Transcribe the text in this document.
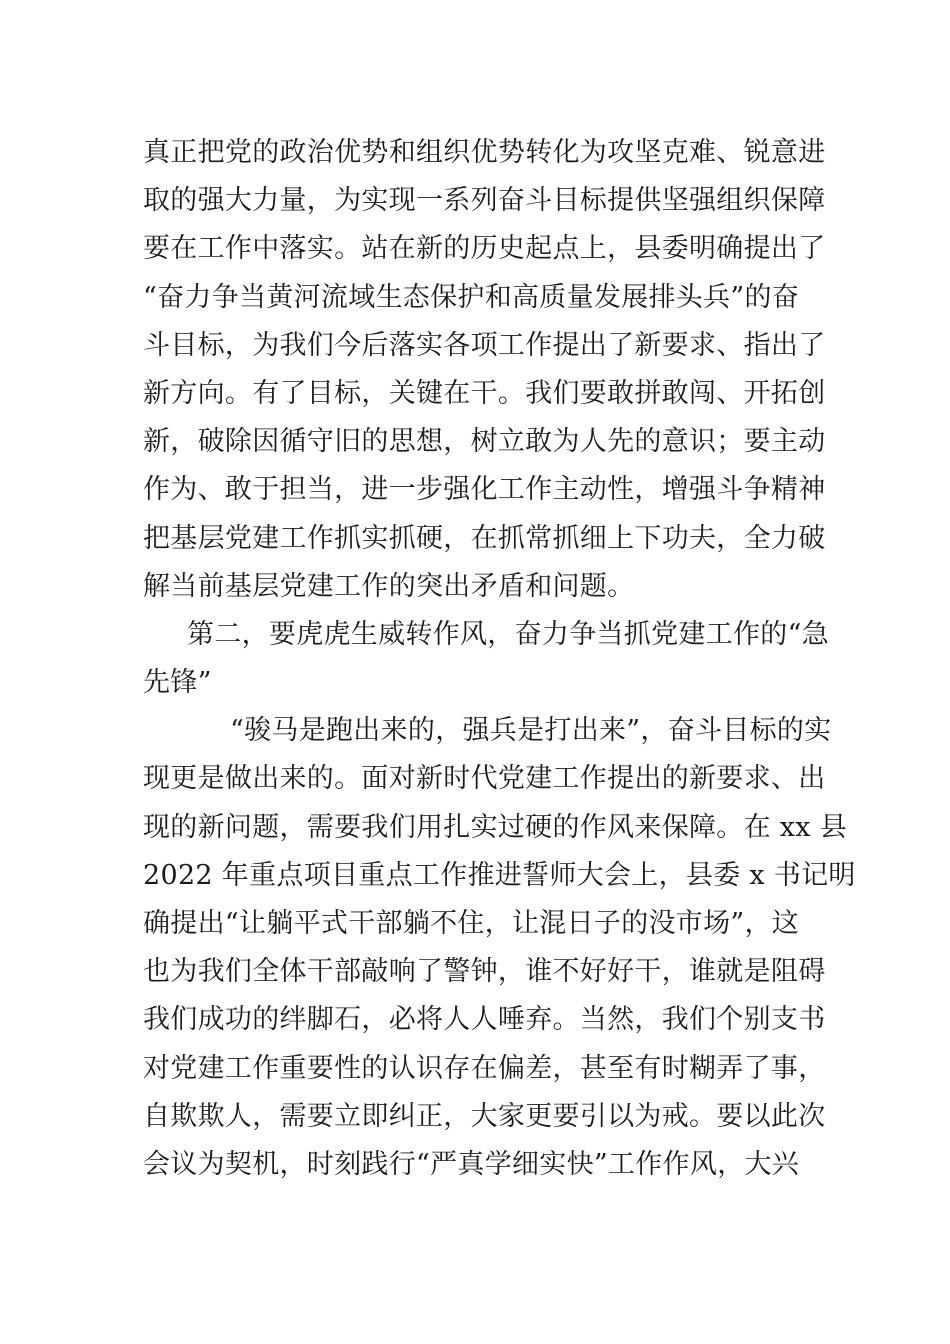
真正把党的政治优势和组织优势转化为攻坚克难、锐意进
取的强大力量，为实现一系列奋斗目标提供坚强组织保障
要在工作中落实。站在新的历史起点上，县委明确提出了
“奋力争当黄河流域生态保护和高质量发展排头兵”的奋
斗目标，为我们今后落实各项工作提出了新要求、指出了
新方向。有了目标，关键在干。我们要敢拼敢闯、开拓创
新，破除因循守旧的思想，树立敢为人先的意识；要主动
作为、敢于担当，进一步强化工作主动性，增强斗争精神
把基层党建工作抓实抓硬，在抓常抓细上下功夫，全力破
解当前基层党建工作的突出矛盾和问题。
第二，要虎虎生威转作风，奋力争当抓党建工作的“急
先锋”
“骏马是跑出来的，强兵是打出来”，奋斗目标的实
现更是做出来的。面对新时代党建工作提出的新要求、出
现的新问题，需要我们用扎实过硬的作风来保障。在 xx 县
2022 年重点项目重点工作推进誓师大会上，县委 x 书记明
确提出“让躺平式干部躺不住，让混日子的没市场”，这
也为我们全体干部敲响了警钟，谁不好好干，谁就是阻碍
我们成功的绊脚石，必将人人唾弃。当然，我们个别支书
对党建工作重要性的认识存在偏差，甚至有时糊弄了事，
自欺欺人，需要立即纠正，大家更要引以为戒。要以此次
会议为契机，时刻践行“严真学细实快”工作作风，大兴
